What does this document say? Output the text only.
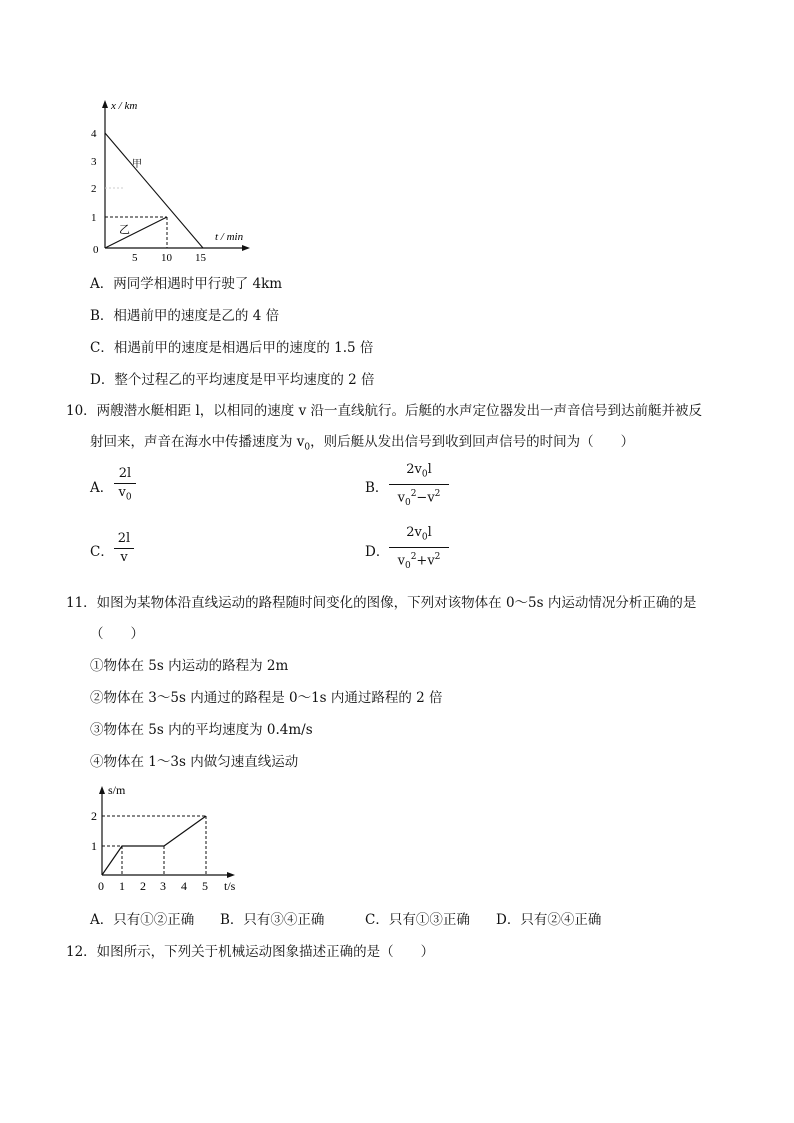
x / km
t / min
甲
乙
4
3
2
1
0
5 10 15
A．两同学相遇时甲行驶了 4km
B．相遇前甲的速度是乙的 4 倍
C．相遇前甲的速度是相遇后甲的速度的 1.5 倍
D．整个过程乙的平均速度是甲平均速度的 2 倍
10．两艘潜水艇相距 l，以相同的速度 v 沿一直线航行。后艇的水声定位器发出一声音信号到达前艇并被反
射回来，声音在海水中传播速度为 $v_0$，则后艇从发出信号到收到回声信号的时间为（　　）
A．
2l
$v_0$
B．
$2v_0l$
$v_0^2-v^2$
C．
2l
v	D．
$2v_0l$
$v_0^2+v^2$
11．如图为某物体沿直线运动的路程随时间变化的图像，下列对该物体在 0～5s 内运动情况分析正确的是
（　　）
①物体在 5s 内运动的路程为 2m
②物体在 3～5s 内通过的路程是 0～1s 内通过路程的 2 倍
③物体在 5s 内的平均速度为 0.4m/s
④物体在 1～3s 内做匀速直线运动
s/m
t/s
2
1
0 1 2 3 4 5
A．只有①②正确 B．只有③④正确	C．只有①③正确 D．只有②④正确
12．如图所示，下列关于机械运动图象描述正确的是（　　）
